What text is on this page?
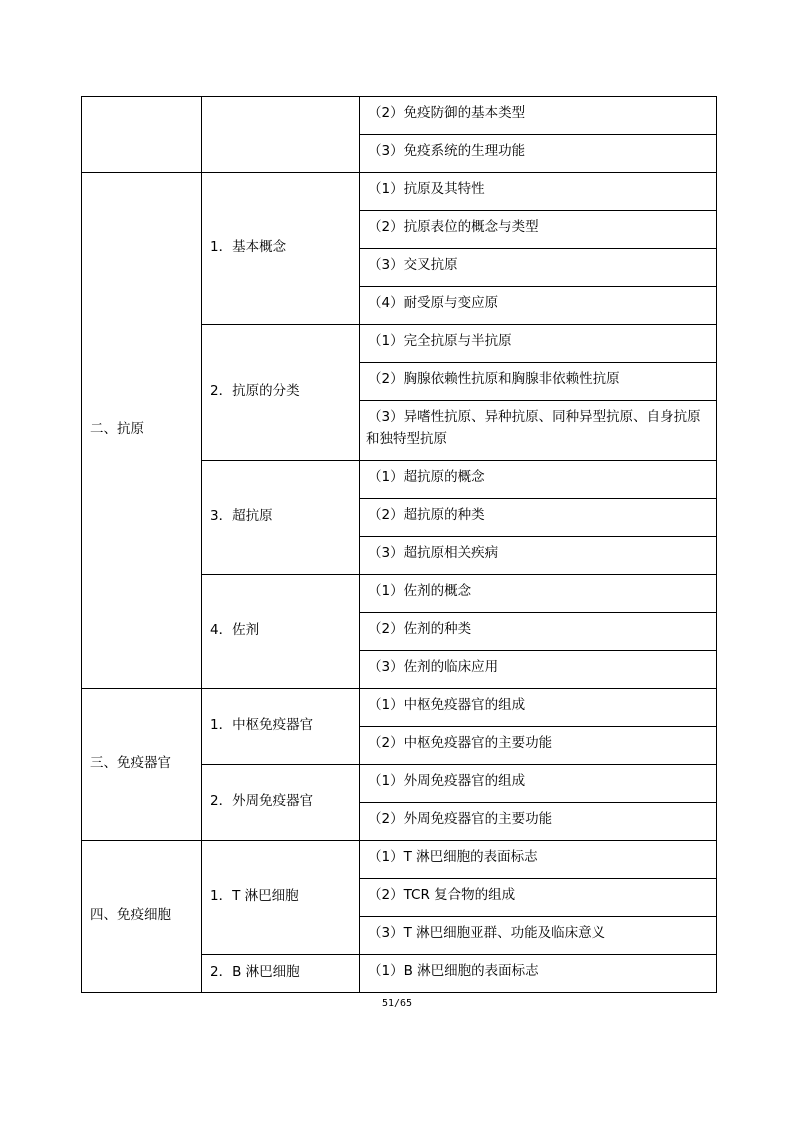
		（2）免疫防御的基本类型
		（3）免疫系统的生理功能
二、抗原	1．基本概念	（1）抗原及其特性
		（2）抗原表位的概念与类型
		（3）交叉抗原
		（4）耐受原与变应原
	2．抗原的分类	（1）完全抗原与半抗原
		（2）胸腺依赖性抗原和胸腺非依赖性抗原
		（3）异嗜性抗原、异种抗原、同种异型抗原、自身抗原和独特型抗原
	3．超抗原	（1）超抗原的概念
		（2）超抗原的种类
		（3）超抗原相关疾病
	4．佐剂	（1）佐剂的概念
		（2）佐剂的种类
		（3）佐剂的临床应用
三、免疫器官	1．中枢免疫器官	（1）中枢免疫器官的组成
		（2）中枢免疫器官的主要功能
	2．外周免疫器官	（1）外周免疫器官的组成
		（2）外周免疫器官的主要功能
四、免疫细胞	1．T 淋巴细胞	（1）T 淋巴细胞的表面标志
		（2）TCR 复合物的组成
		（3）T 淋巴细胞亚群、功能及临床意义
	2．B 淋巴细胞	（1）B 淋巴细胞的表面标志
51/65
